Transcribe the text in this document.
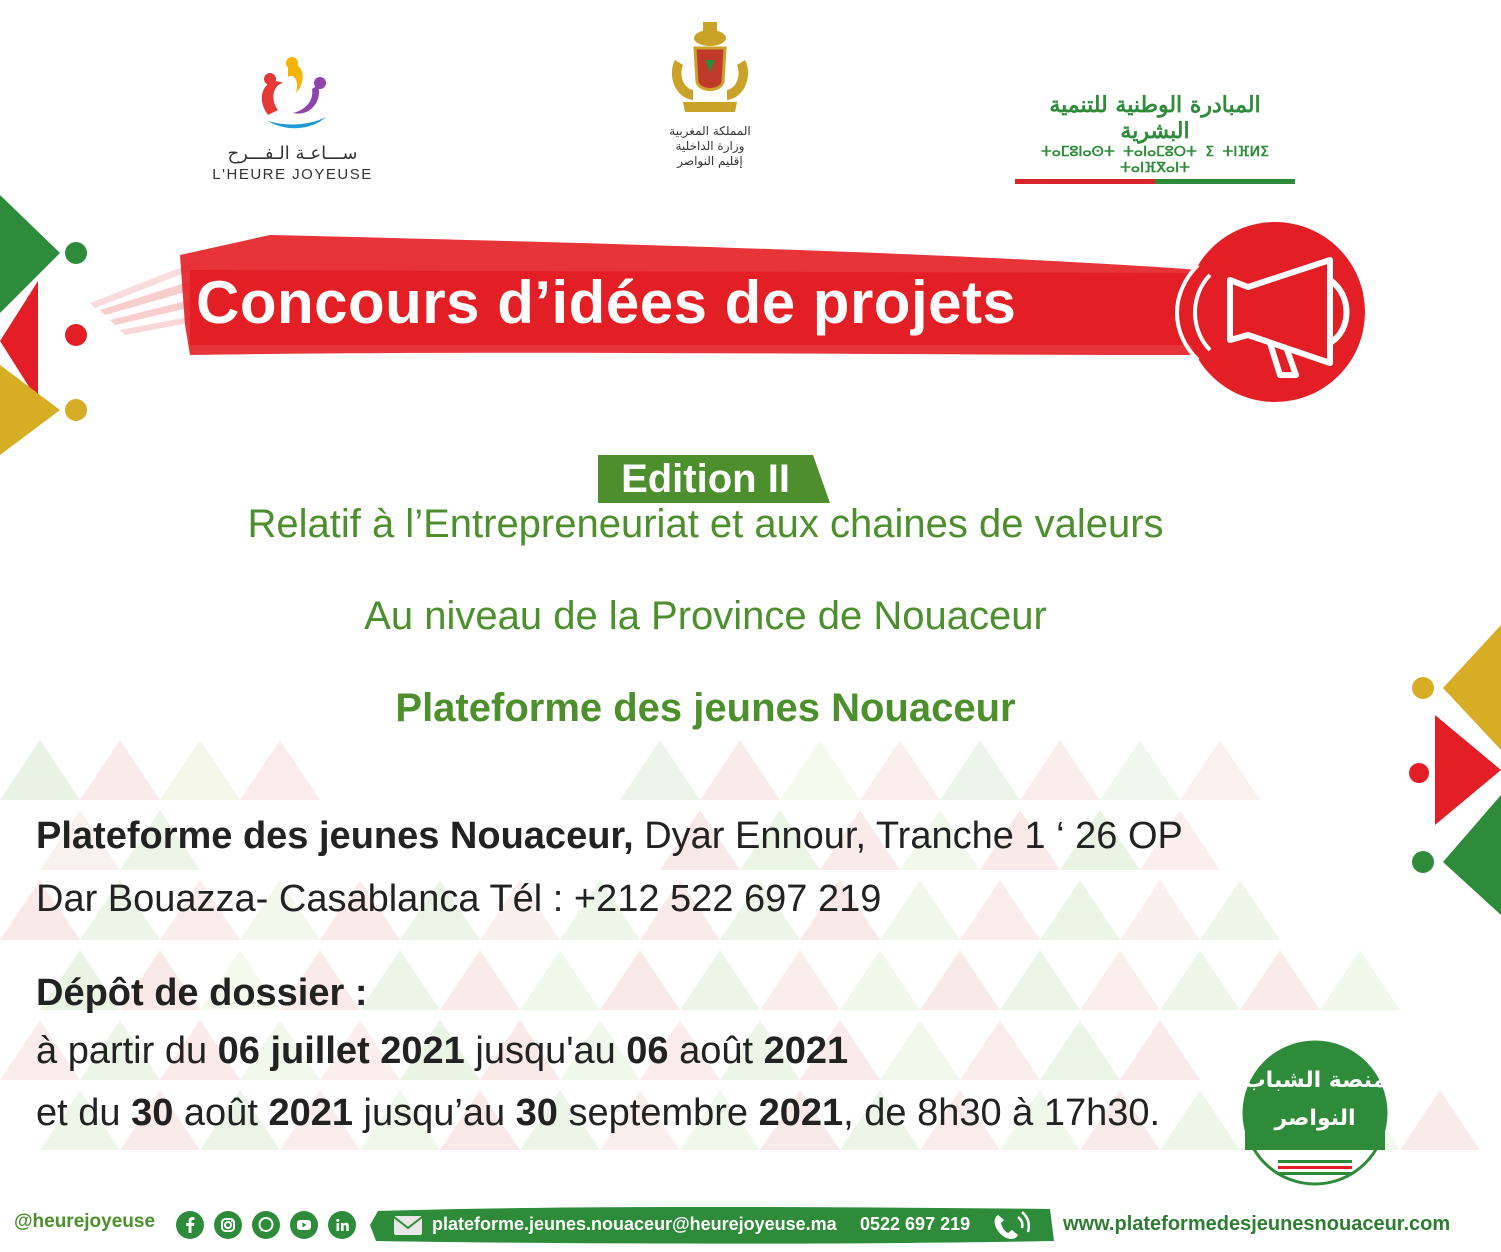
ســـاعـة الـفـــرح
L'HEURE JOYEUSE
المملكة المغربية
وزارة الداخلية
إقليم النواصر
المبادرة الوطنية للتنمية البشرية
ⵜⴰⵎⵓⵏⴰⵙⵜ ⵜⴰⵏⴰⵎⵓⵔⵜ ⵉ ⵜⵏⴼⵍⵉ ⵜⴰⵏⴼⴳⴰⵏⵜ
Concours d’idées de projets
Edition II
Relatif à l’Entrepreneuriat et aux chaines de valeurs
Au niveau de la Province de Nouaceur
Plateforme des jeunes Nouaceur
Plateforme des jeunes Nouaceur, Dyar Ennour, Tranche 1 ‘ 26 OP
Dar Bouazza- Casablanca Tél : +212 522 697 219
Dépôt de dossier :
à partir du 06 juillet 2021 jusqu'au 06 août 2021
et du 30 août 2021 jusqu’au 30 septembre 2021, de 8h30 à 17h30.
منصة الشباب
النواصر
@heurejoyeuse	plateforme.jeunes.nouaceur@heurejoyeuse.ma 0522 697 219	www.plateformedesjeunesnouaceur.com
